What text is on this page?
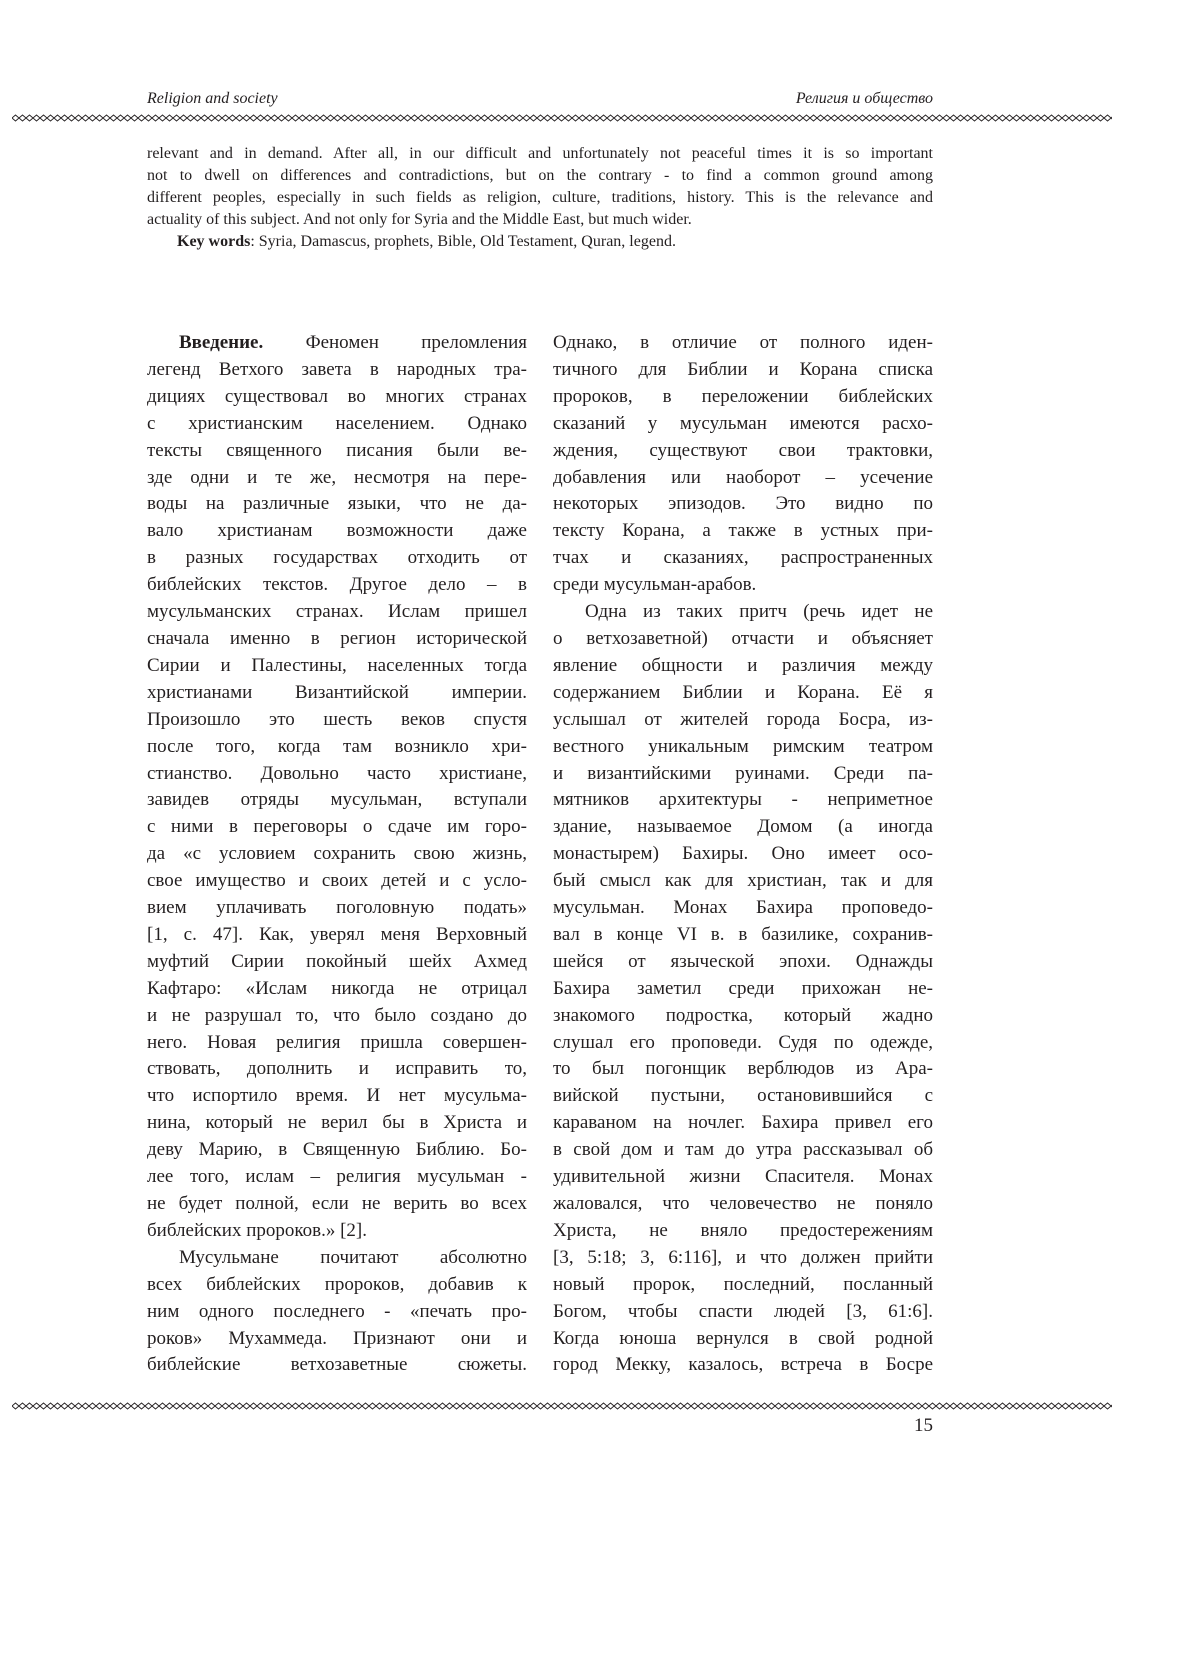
Religion and society	Религия и общество
relevant and in demand. After all, in our difficult and unfortunately not peaceful times it is so important
not to dwell on differences and contradictions, but on the contrary - to find a common ground among
different peoples, especially in such fields as religion, culture, traditions, history. This is the relevance and
actuality of this subject. And not only for Syria and the Middle East, but much wider.
Key words: Syria, Damascus, prophets, Bible, Old Testament, Quran, legend.
Введение. Феномен преломления
легенд Ветхого завета в народных тра-
дициях существовал во многих странах
с христианским населением. Однако
тексты священного писания были ве-
зде одни и те же, несмотря на пере-
воды на различные языки, что не да-
вало христианам возможности даже
в разных государствах отходить от
библейских текстов. Другое дело – в
мусульманских странах. Ислам пришел
сначала именно в регион исторической
Сирии и Палестины, населенных тогда
христианами Византийской империи.
Произошло это шесть веков спустя
после того, когда там возникло хри-
стианство. Довольно часто христиане,
завидев отряды мусульман, вступали
с ними в переговоры о сдаче им горо-
да «с условием сохранить свою жизнь,
свое имущество и своих детей и с усло-
вием уплачивать поголовную подать»
[1, с. 47]. Как, уверял меня Верховный
муфтий Сирии покойный шейх Ахмед
Кафтаро: «Ислам никогда не отрицал
и не разрушал то, что было создано до
него. Новая религия пришла совершен-
ствовать, дополнить и исправить то,
что испортило время. И нет мусульма-
нина, который не верил бы в Христа и
деву Марию, в Священную Библию. Бо-
лее того, ислам – религия мусульман -
не будет полной, если не верить во всех
библейских пророков.» [2].
Мусульмане почитают абсолютно
всех библейских пророков, добавив к
ним одного последнего - «печать про-
роков» Мухаммеда. Признают они и
библейские ветхозаветные сюжеты.
Однако, в отличие от полного иден-
тичного для Библии и Корана списка
пророков, в переложении библейских
сказаний у мусульман имеются расхо-
ждения, существуют свои трактовки,
добавления или наоборот – усечение
некоторых эпизодов. Это видно по
тексту Корана, а также в устных при-
тчах и сказаниях, распространенных
среди мусульман-арабов.
Одна из таких притч (речь идет не
о ветхозаветной) отчасти и объясняет
явление общности и различия между
содержанием Библии и Корана. Её я
услышал от жителей города Босра, из-
вестного уникальным римским театром
и византийскими руинами. Среди па-
мятников архитектуры - неприметное
здание, называемое Домом (а иногда
монастырем) Бахиры. Оно имеет осо-
бый смысл как для христиан, так и для
мусульман. Монах Бахира проповедо-
вал в конце VI в. в базилике, сохранив-
шейся от языческой эпохи. Однажды
Бахира заметил среди прихожан не-
знакомого подростка, который жадно
слушал его проповеди. Судя по одежде,
то был погонщик верблюдов из Ара-
вийской пустыни, остановившийся с
караваном на ночлег. Бахира привел его
в свой дом и там до утра рассказывал об
удивительной жизни Спасителя. Монах
жаловался, что человечество не поняло
Христа, не вняло предостережениям
[3, 5:18; 3, 6:116], и что должен прийти
новый пророк, последний, посланный
Богом, чтобы спасти людей [3, 61:6].
Когда юноша вернулся в свой родной
город Мекку, казалось, встреча в Босре
15
